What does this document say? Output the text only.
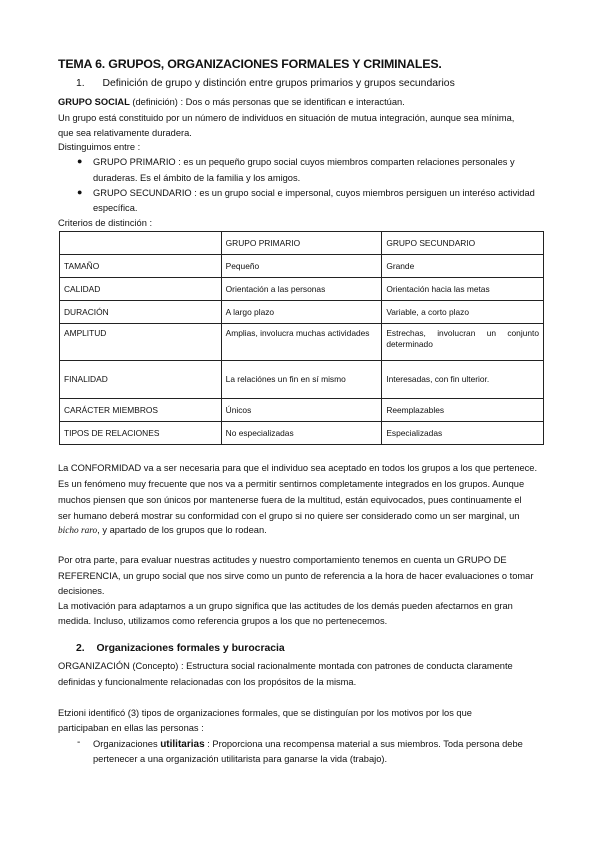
TEMA 6. GRUPOS, ORGANIZACIONES FORMALES Y CRIMINALES.
1. Definición de grupo y distinción entre grupos primarios y grupos secundarios
GRUPO SOCIAL (definición) : Dos o más personas que se identifican e interactúan.
Un grupo está constituido por un número de individuos en situación de mutua integración, aunque sea mínima,
que sea relativamente duradera.
Distinguimos entre :
● GRUPO PRIMARIO : es un pequeño grupo social cuyos miembros comparten relaciones personales y
duraderas. Es el ámbito de la familia y los amigos.
● GRUPO SECUNDARIO : es un grupo social e impersonal, cuyos miembros persiguen un interéso actividad
específica.
Criterios de distinción :
	GRUPO PRIMARIO	GRUPO SECUNDARIO
TAMAÑO	Pequeño	Grande
CALIDAD	Orientación a las personas	Orientación hacia las metas
DURACIÓN	A largo plazo	Variable, a corto plazo
AMPLITUD	Amplias, involucra muchas actividades	Estrechas, involucran un conjunto determinado
FINALIDAD	La relaciónes un fin en sí mismo	Interesadas, con fin ulterior.
CARÁCTER MIEMBROS	Únicos	Reemplazables
TIPOS DE RELACIONES	No especializadas	Especializadas
La CONFORMIDAD va a ser necesaria para que el individuo sea aceptado en todos los grupos a los que pertenece.
Es un fenómeno muy frecuente que nos va a permitir sentirnos completamente integrados en los grupos. Aunque
muchos piensen que son únicos por mantenerse fuera de la multitud, están equivocados, pues continuamente el
ser humano deberá mostrar su conformidad con el grupo si no quiere ser considerado como un ser marginal, un
bicho raro, y apartado de los grupos que lo rodean.
Por otra parte, para evaluar nuestras actitudes y nuestro comportamiento tenemos en cuenta un GRUPO DE
REFERENCIA, un grupo social que nos sirve como un punto de referencia a la hora de hacer evaluaciones o tomar
decisiones.
La motivación para adaptarnos a un grupo significa que las actitudes de los demás pueden afectarnos en gran
medida. Incluso, utilizamos como referencia grupos a los que no pertenecemos.
2. Organizaciones formales y burocracia
ORGANIZACIÓN (Concepto) : Estructura social racionalmente montada con patrones de conducta claramente
definidas y funcionalmente relacionadas con los propósitos de la misma.
Etzioni identificó (3) tipos de organizaciones formales, que se distinguían por los motivos por los que
participaban en ellas las personas :
- Organizaciones utilitarias : Proporciona una recompensa material a sus miembros. Toda persona debe
pertenecer a una organización utilitarista para ganarse la vida (trabajo).
